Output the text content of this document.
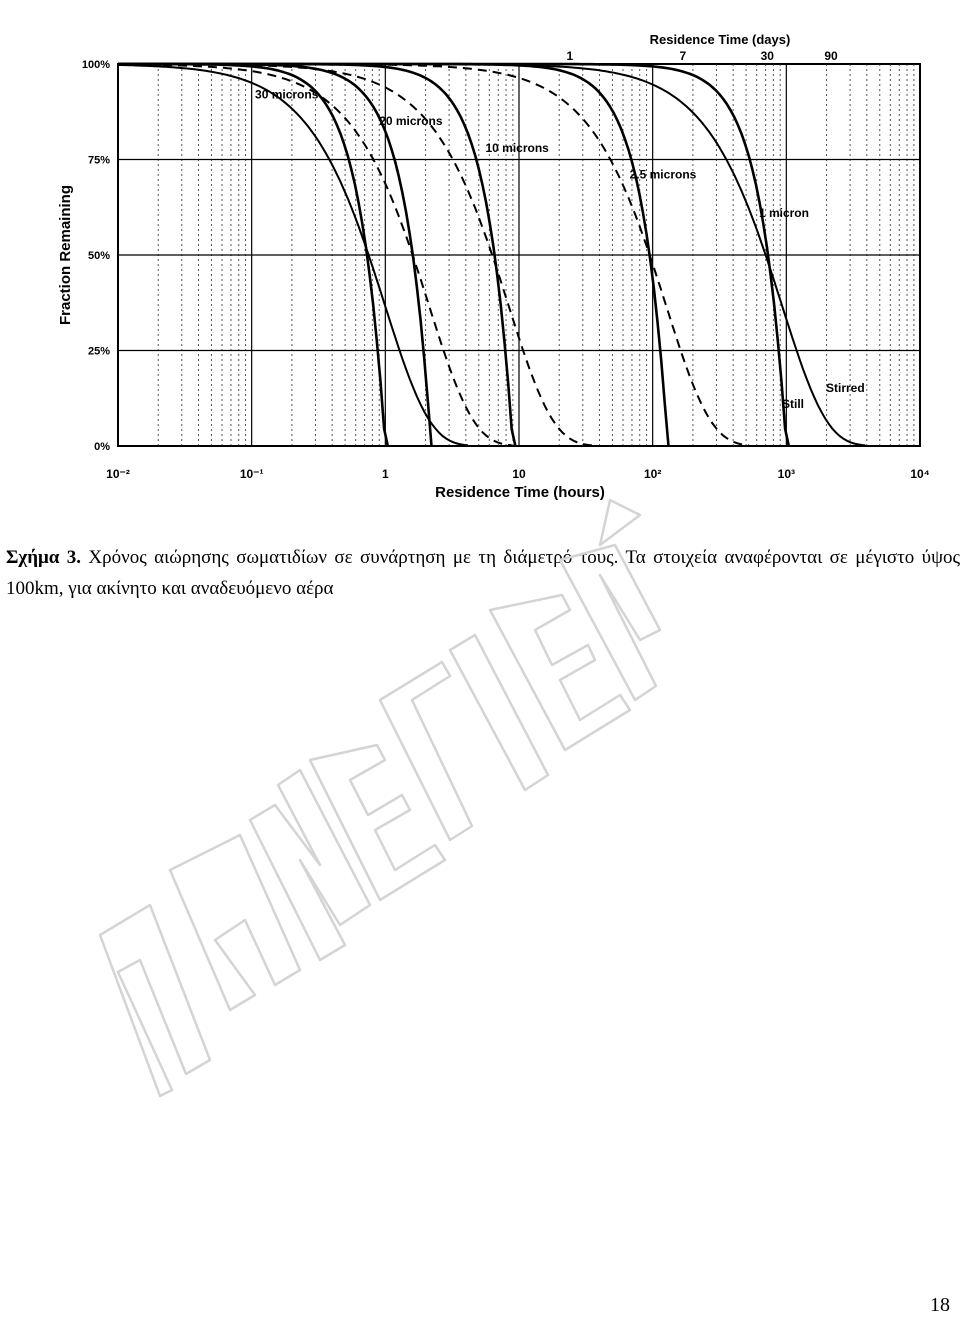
10⁻²	10⁻¹	1	10	10²	10³	10⁴
100%
75%
50%
25%
0%
1	7	30	90
30 microns
20 microns
10 microns
2.5 microns
1 micron
Residence Time (hours)
Fraction Remaining
Residence Time (days)
Still
Stirred

Σχήμα 3. Χρόνος αιώρησης σωματιδίων σε συνάρτηση με τη διάμετρό τους. Τα στοιχεία αναφέρονται σε μέγιστο ύψος 100km, για ακίνητο και αναδευόμενο αέρα

18
